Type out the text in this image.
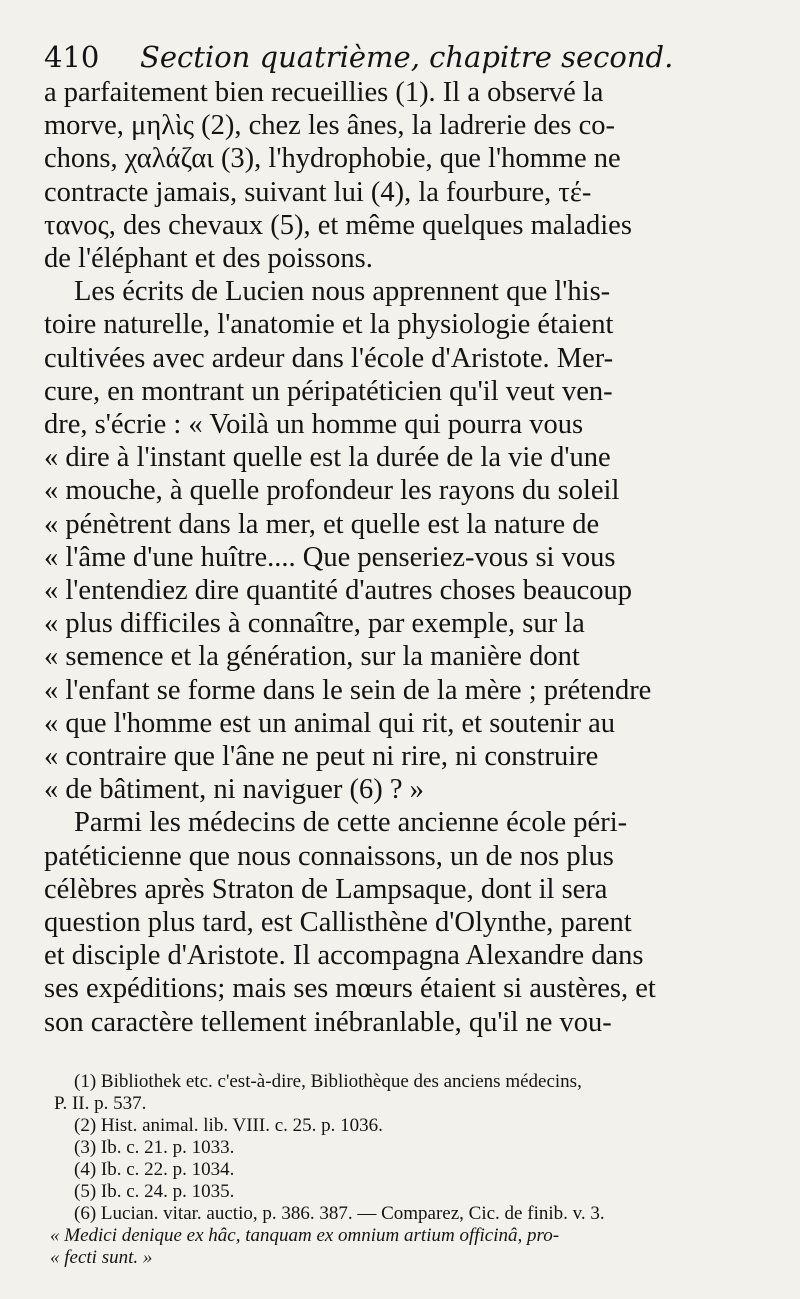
410	Section quatrième, chapitre second.
a parfaitement bien recueillies (1). Il a observé la
morve, μηλὶς (2), chez les ânes, la ladrerie des co-
chons, χαλάζαι (3), l'hydrophobie, que l'homme ne
contracte jamais, suivant lui (4), la fourbure, τέ-
τανος, des chevaux (5), et même quelques maladies
de l'éléphant et des poissons.
Les écrits de Lucien nous apprennent que l'his-
toire naturelle, l'anatomie et la physiologie étaient
cultivées avec ardeur dans l'école d'Aristote. Mer-
cure, en montrant un péripatéticien qu'il veut ven-
dre, s'écrie : « Voilà un homme qui pourra vous
« dire à l'instant quelle est la durée de la vie d'une
« mouche, à quelle profondeur les rayons du soleil
« pénètrent dans la mer, et quelle est la nature de
« l'âme d'une huître.... Que penseriez-vous si vous
« l'entendiez dire quantité d'autres choses beaucoup
« plus difficiles à connaître, par exemple, sur la
« semence et la génération, sur la manière dont
« l'enfant se forme dans le sein de la mère ; prétendre
« que l'homme est un animal qui rit, et soutenir au
« contraire que l'âne ne peut ni rire, ni construire
« de bâtiment, ni naviguer (6) ? »
Parmi les médecins de cette ancienne école péri-
patéticienne que nous connaissons, un de nos plus
célèbres après Straton de Lampsaque, dont il sera
question plus tard, est Callisthène d'Olynthe, parent
et disciple d'Aristote. Il accompagna Alexandre dans
ses expéditions; mais ses mœurs étaient si austères, et
son caractère tellement inébranlable, qu'il ne vou-
(1) Bibliothek etc. c'est-à-dire, Bibliothèque des anciens médecins,
P. II. p. 537.
(2) Hist. animal. lib. VIII. c. 25. p. 1036.
(3) Ib. c. 21. p. 1033.
(4) Ib. c. 22. p. 1034.
(5) Ib. c. 24. p. 1035.
(6) Lucian. vitar. auctio, p. 386. 387. — Comparez, Cic. de finib. v. 3.
« Medici denique ex hâc, tanquam ex omnium artium officinâ, pro-
« fecti sunt. »
